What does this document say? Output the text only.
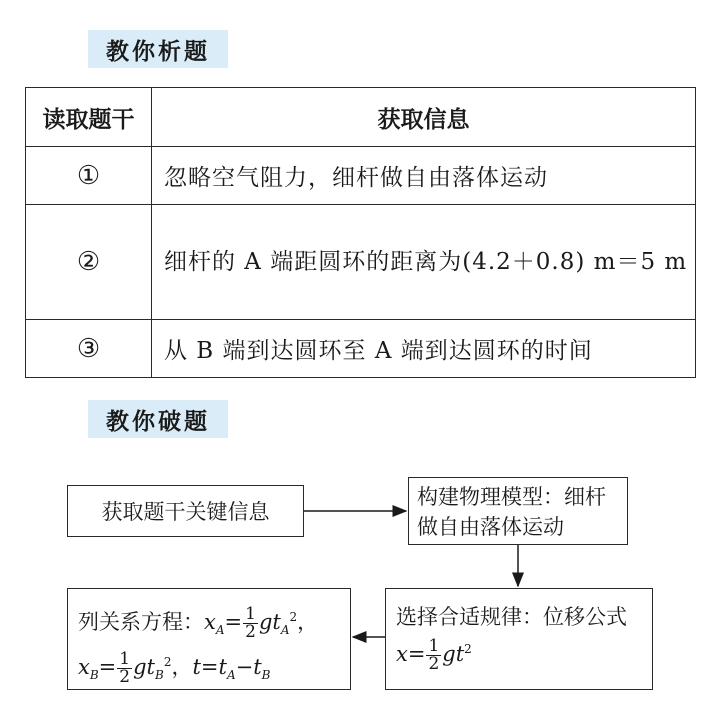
教你析题
读取题干	获取信息
①	忽略空气阻力，细杆做自由落体运动
②	细杆的 A 端距圆环的距离为(4.2＋0.8) m＝5 m
③	从 B 端到达圆环至 A 端到达圆环的时间
教你破题
获取题干关键信息
构建物理模型：细杆做自由落体运动
选择合适规律：位移公式$x= \frac{1}{2} gt^2$
列关系方程：$x_A= \frac{1}{2} gt_A^2$，
$x_B= \frac{1}{2} gt_B^2$，$t=t_A-t_B$
